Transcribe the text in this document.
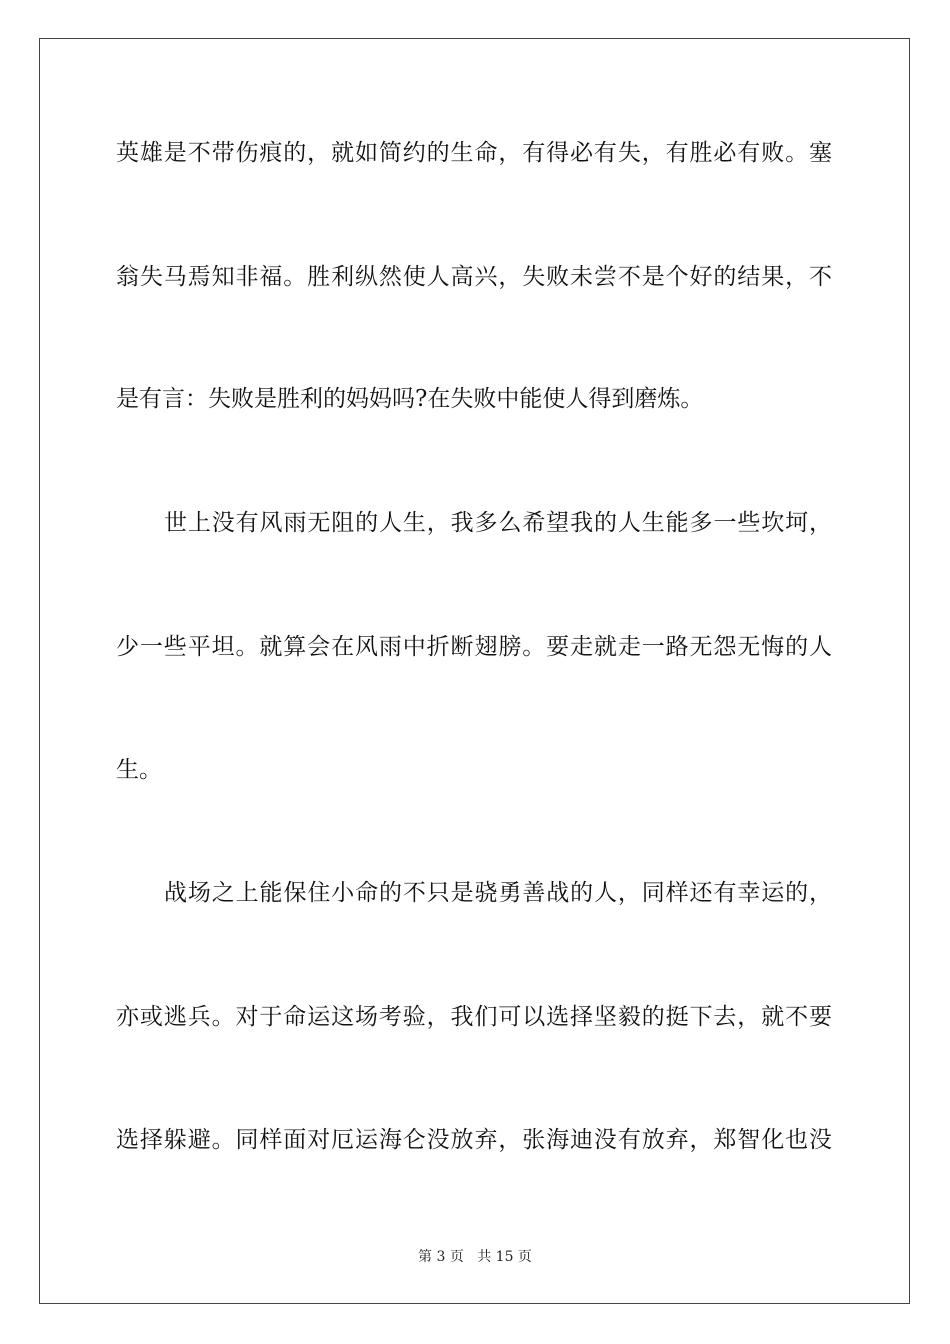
英雄是不带伤痕的，就如简约的生命，有得必有失，有胜必有败。塞
翁失马焉知非福。胜利纵然使人高兴，失败未尝不是个好的结果，不
是有言：失败是胜利的妈妈吗?在失败中能使人得到磨炼。
世上没有风雨无阻的人生，我多么希望我的人生能多一些坎坷，
少一些平坦。就算会在风雨中折断翅膀。要走就走一路无怨无悔的人
生。
战场之上能保住小命的不只是骁勇善战的人，同样还有幸运的，
亦或逃兵。对于命运这场考验，我们可以选择坚毅的挺下去，就不要
选择躲避。同样面对厄运海仑没放弃，张海迪没有放弃，郑智化也没
第 3 页 共 15 页
